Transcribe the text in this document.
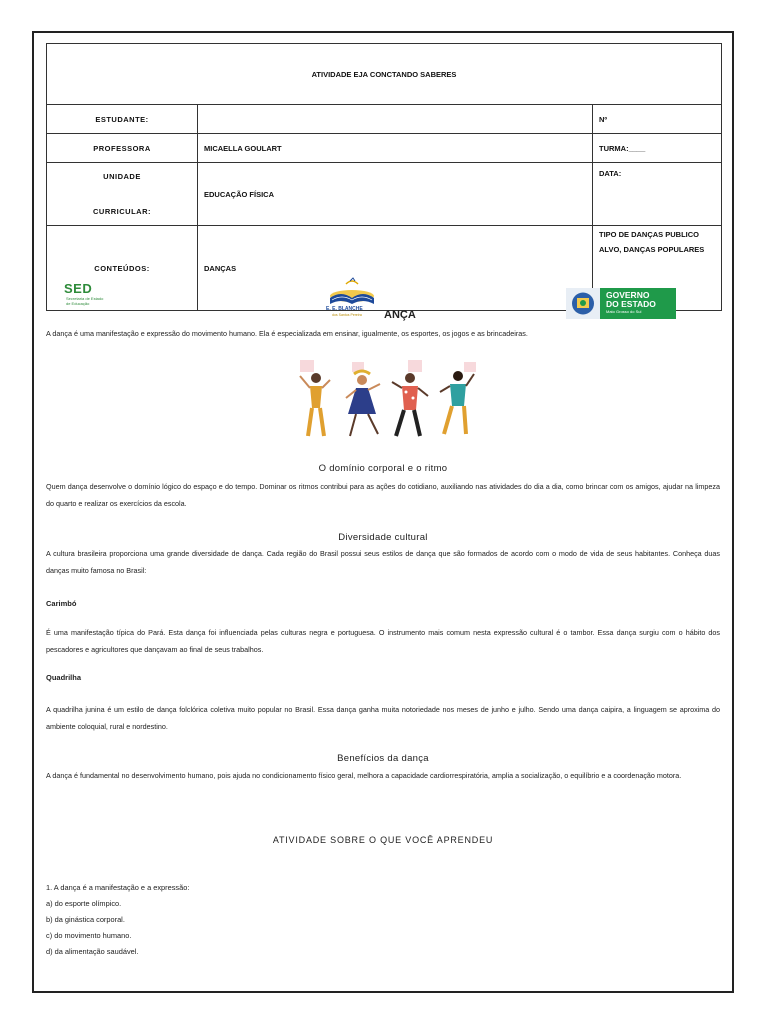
ATIVIDADE EJA CONCTANDO SABERES		
ESTUDANTE:		Nº
PROFESSORA	MICAELLA GOULART	TURMA:____

UNIDADE
CURRICULAR:	EDUCAÇÃO FÍSICA	DATA:
CONTEÚDOS:	DANÇAS	TIPO DE DANÇAS PUBLICO
ALVO, DANÇAS POPULARES
SED
Secretaria de Estado
de Educação
E. E. BLANCHE
dos Santos Pereira ANÇA
GOVERNO
DO ESTADO
Mato Grosso do Sul
A dança é uma manifestação e expressão do movimento humano. Ela é especializada em ensinar, igualmente, os esportes, os jogos e as brincadeiras.
O domínio corporal e o ritmo
Quem dança desenvolve o domínio lógico do espaço e do tempo. Dominar os ritmos contribui para as ações do cotidiano, auxiliando nas atividades do dia a dia, como brincar com os amigos, ajudar na limpeza do quarto e realizar os exercícios da escola.
Diversidade cultural
A cultura brasileira proporciona uma grande diversidade de dança. Cada região do Brasil possui seus estilos de dança que são formados de acordo com o modo de vida de seus habitantes. Conheça duas danças muito famosa no Brasil:
Carimbó
É uma manifestação típica do Pará. Esta dança foi influenciada pelas culturas negra e portuguesa. O instrumento mais comum nesta expressão cultural é o tambor. Essa dança surgiu com o hábito dos pescadores e agricultores que dançavam ao final de seus trabalhos.
Quadrilha
A quadrilha junina é um estilo de dança folclórica coletiva muito popular no Brasil. Essa dança ganha muita notoriedade nos meses de junho e julho. Sendo uma dança caipira, a linguagem se aproxima do ambiente coloquial, rural e nordestino.
Benefícios da dança
A dança é fundamental no desenvolvimento humano, pois ajuda no condicionamento físico geral, melhora a capacidade cardiorrespiratória, amplia a socialização, o equilíbrio e a coordenação motora.
ATIVIDADE SOBRE O QUE VOCÊ APRENDEU
1. A dança é a manifestação e a expressão:
a) do esporte olímpico.
b) da ginástica corporal.
c) do movimento humano.
d) da alimentação saudável.
